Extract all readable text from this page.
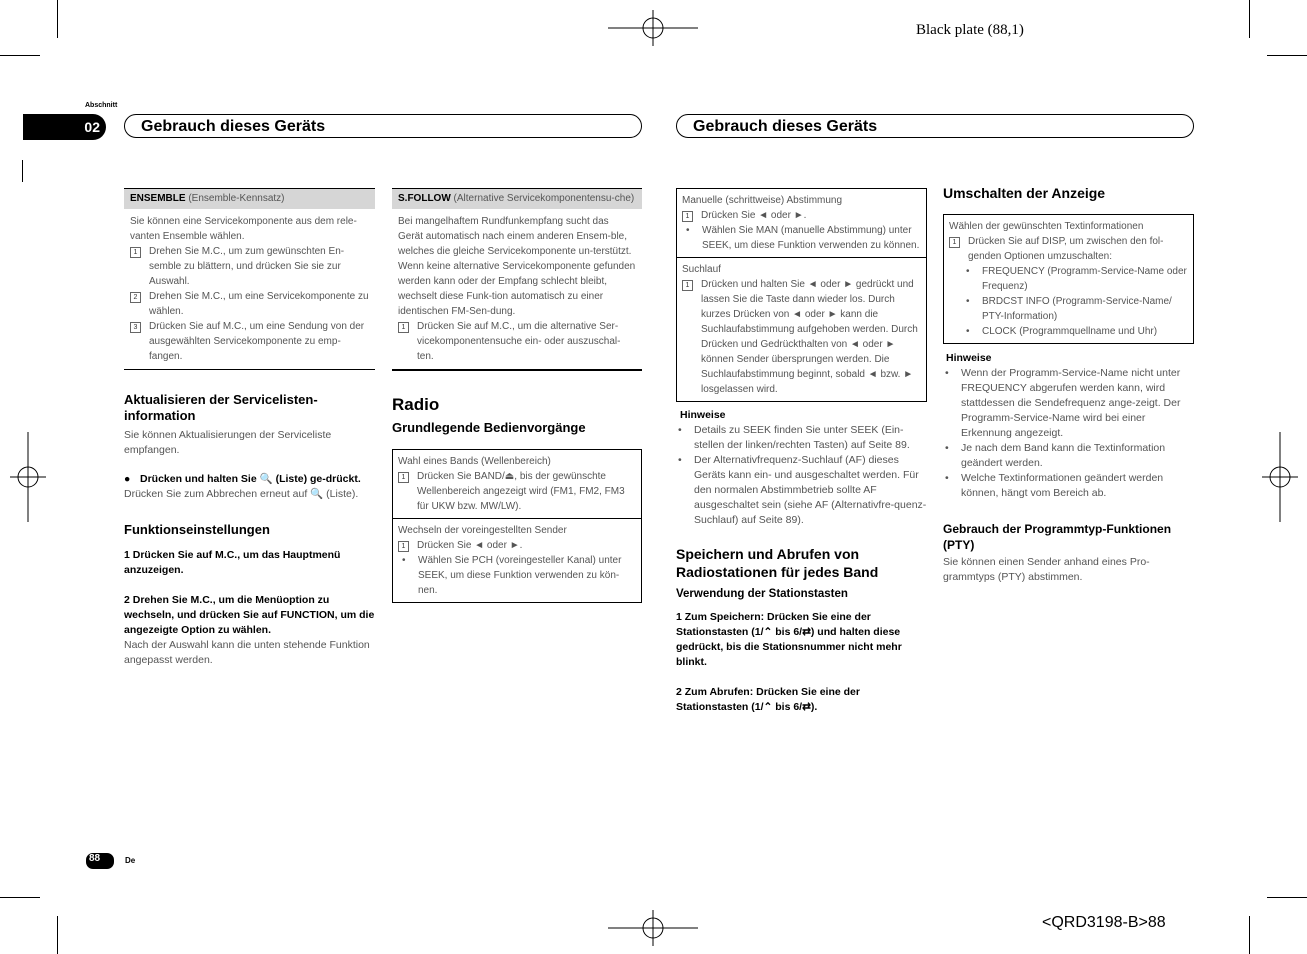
Black plate (88,1)
<QRD3198-B>88
Abschnitt
02	Gebrauch dieses Geräts	Gebrauch dieses Geräts
88	De
ENSEMBLE (Ensemble-Kennsatz)

Sie können eine Servicekomponente aus dem rele-vanten Ensemble wählen.

1	Drehen Sie M.C., um zum gewünschten En-semble zu blättern, und drücken Sie sie zur Auswahl.
2	Drehen Sie M.C., um eine Servicekomponente zu wählen.
3	Drücken Sie auf M.C., um eine Sendung von der ausgewählten Servicekomponente zu emp-fangen.
Aktualisieren der Servicelisten-information

Sie können Aktualisierungen der Serviceliste empfangen.

● Drücken und halten Sie 🔍 (Liste) ge-drückt.

Drücken Sie zum Abbrechen erneut auf 🔍 (Liste).

Funktionseinstellungen

1 Drücken Sie auf M.C., um das Hauptmenü anzuzeigen.

2 Drehen Sie M.C., um die Menüoption zu wechseln, und drücken Sie auf FUNCTION, um die angezeigte Option zu wählen.

Nach der Auswahl kann die unten stehende Funktion angepasst werden.

S.FOLLOW (Alternative Servicekomponentensu-che)

Bei mangelhaftem Rundfunkempfang sucht das Gerät automatisch nach einem anderen Ensem-ble, welches die gleiche Servicekomponente un-terstützt. Wenn keine alternative Servicekomponente gefunden werden kann oder der Empfang schlecht bleibt, wechselt diese Funk-tion automatisch zu einer identischen FM-Sen-dung.

1	Drücken Sie auf M.C., um die alternative Ser-vicekomponentensuche ein- oder auszuschal-ten.
Radio
Grundlegende Bedienvorgänge

Wahl eines Bands (Wellenbereich)

1	Drücken Sie BAND/⏏, bis der gewünschte Wellenbereich angezeigt wird (FM1, FM2, FM3 für UKW bzw. MW/LW).

Wechseln der voreingestellten Sender

1	Drücken Sie ◄ oder ►.
•	Wählen Sie PCH (voreingesteller Kanal) unter SEEK, um diese Funktion verwenden zu kön-nen.

Manuelle (schrittweise) Abstimmung

1	Drücken Sie ◄ oder ►.
•	Wählen Sie MAN (manuelle Abstimmung) unter SEEK, um diese Funktion verwenden zu können.

Suchlauf

1	Drücken und halten Sie ◄ oder ► gedrückt und lassen Sie die Taste dann wieder los. Durch kurzes Drücken von ◄ oder ► kann die Suchlaufabstimmung aufgehoben werden. Durch Drücken und Gedrückthalten von ◄ oder ► können Sender übersprungen werden. Die Suchlaufabstimmung beginnt, sobald ◄ bzw. ► losgelassen wird.
Hinweise
•	Details zu SEEK finden Sie unter SEEK (Ein-stellen der linken/rechten Tasten) auf Seite 89.
•	Der Alternativfrequenz-Suchlauf (AF) dieses Geräts kann ein- und ausgeschaltet werden. Für den normalen Abstimmbetrieb sollte AF ausgeschaltet sein (siehe AF (Alternativfre-quenz-Suchlauf) auf Seite 89).
Speichern und Abrufen von Radiostationen für jedes Band

Verwendung der Stationstasten

1 Zum Speichern: Drücken Sie eine der Stationstasten (1/⌃ bis 6/⇄) und halten diese gedrückt, bis die Stationsnummer nicht mehr blinkt.

2 Zum Abrufen: Drücken Sie eine der Stationstasten (1/⌃ bis 6/⇄).

Umschalten der Anzeige

Wählen der gewünschten Textinformationen

1	Drücken Sie auf DISP, um zwischen den fol-genden Optionen umzuschalten:
•	FREQUENCY (Programm-Service-Name oder Frequenz)
•	BRDCST INFO (Programm-Service-Name/ PTY-Information)
•	CLOCK (Programmquellname und Uhr)
Hinweise
•	Wenn der Programm-Service-Name nicht unter FREQUENCY abgerufen werden kann, wird stattdessen die Sendefrequenz ange-zeigt. Der Programm-Service-Name wird bei einer Erkennung angezeigt.
•	Je nach dem Band kann die Textinformation geändert werden.
•	Welche Textinformationen geändert werden können, hängt vom Bereich ab.
Gebrauch der Programmtyp-Funktionen (PTY)

Sie können einen Sender anhand eines Pro-grammtyps (PTY) abstimmen.
